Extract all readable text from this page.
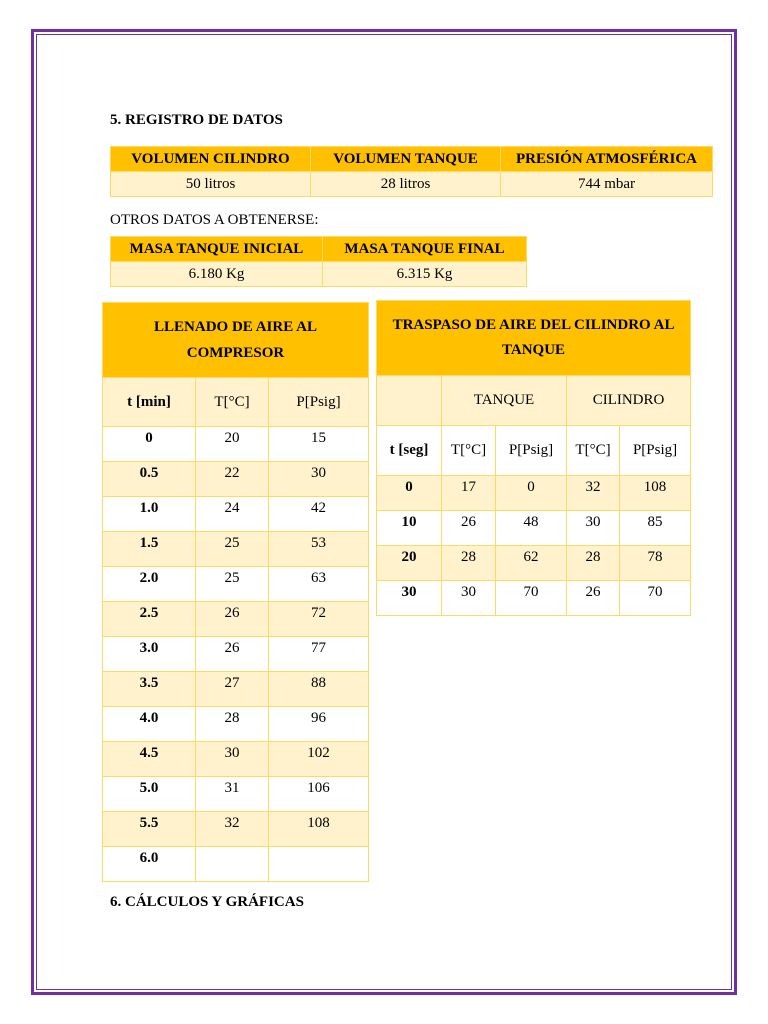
5. REGISTRO DE DATOS
VOLUMEN CILINDRO	VOLUMEN TANQUE	PRESIÓN ATMOSFÉRICA
50 litros	28 litros	744 mbar
OTROS DATOS A OBTENERSE:
MASA TANQUE INICIAL	MASA TANQUE FINAL
6.180 Kg	6.315 Kg
LLENADO DE AIRE AL COMPRESOR		
t [min]	T[°C]	P[Psig]
0	20	15
0.5	22	30
1.0	24	42
1.5	25	53
2.0	25	63
2.5	26	72
3.0	26	77
3.5	27	88
4.0	28	96
4.5	30	102
5.0	31	106
5.5	32	108
6.0		
TRASPASO DE AIRE DEL CILINDRO AL TANQUE				
	TANQUE		CILINDRO	
t [seg]	T[°C]	P[Psig]	T[°C]	P[Psig]
0	17	0	32	108
10	26	48	30	85
20	28	62	28	78
30	30	70	26	70
6. CÁLCULOS Y GRÁFICAS
